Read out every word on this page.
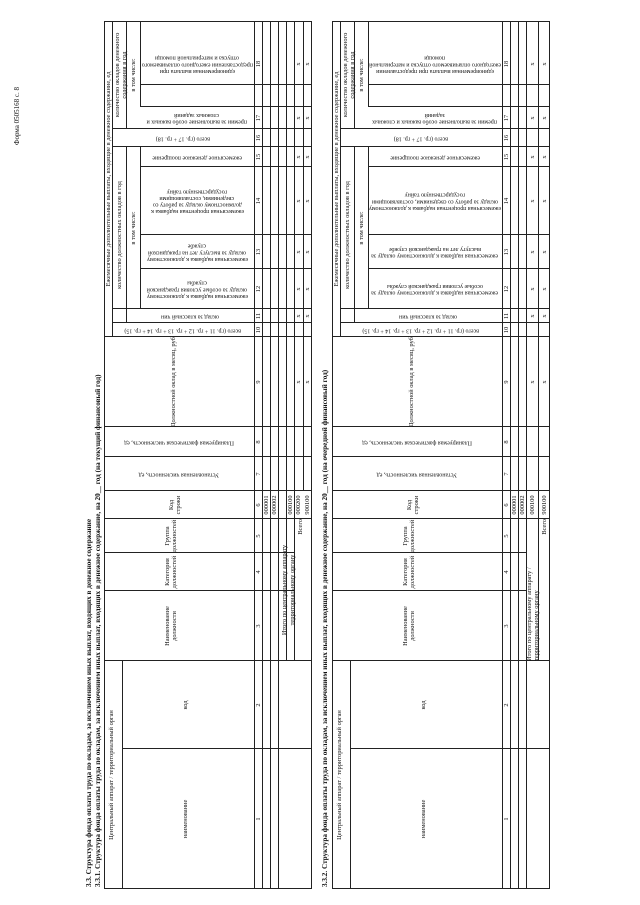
Форма 0505168 с. 8
3.3. Структура фонда оплаты труда по окладам, за исключением иных выплат, входящих в денежное содержание 3.3.1. Структура фонда оплаты труда по окладам, за исключением иных выплат, входящих в денежное содержание, на 20__ год (на текущий финансовый год) Центральный аппарат / территориальный орган	наименование
код
Наименование должности
Категория должностей
Группа должностей
Код строки
Установленная численность, ед
Планируемая фактическая численность, ед
Должностной оклад в месяц, руб
Ежемесячные дополнительные выплаты, входящие в денежное содержание, ед
всего (гр. 11 + гр. 12 + гр. 13 + гр. 14 + гр. 15)
оклад за классный чин
количество должностных окладов в год в том числе:
ежемесячная надбавка к должностному окладу за особые условия гражданской службы
ежемесячная надбавка к должностному окладу за выслугу лет на гражданской службе
ежемесячная процентная надбавка к должностному окладу за работу со сведениями, составляющими государственную тайну
ежемесячное денежное поощрение
всего (гр. 17 + гр. 18)
количество окладов денежного содержания в год в том числе:
премии за выполнение особо важных и сложных заданий
единовременная выплата при предоставлении ежегодного оплачиваемого отпуска и материальной помощи
1
2
3
4
5
6
7
8
9
10
11
12
13
14
15
16
17
18
000001 000002
Итого по центральному аппарату территориальному органу
Всего
000100 000200 900100
х х
х х
х х
х х
х х
х х
х х
х х
3.3.2. Структура фонда оплаты труда по окладам, за исключением иных выплат, входящих в денежное содержание, на 20__ год (на очередной финансовый год) Центральный аппарат / территориальный орган	наименование
код
Наименование должности
Категория должностей
Группа должностей
Код строки
Установленная численность, ед
Планируемая фактическая численность, ед
Должностной оклад в месяц, руб
Ежемесячные дополнительные выплаты, входящие в денежное содержание, ед
всего (гр. 11 + гр. 12 + гр. 13 + гр. 14 + гр. 15)
оклад за классный чин
количество должностных окладов в год в том числе:
ежемесячная надбавка к должностному окладу за особые условия гражданской службы
ежемесячная надбавка к должностному окладу за выслугу лет на гражданской службе
ежемесячная процентная надбавка к должностному окладу за работу со сведениями, составляющими государственную тайну
ежемесячное денежное поощрение
всего (гр. 17 + гр. 18)
количество окладов денежного содержания в год в том числе:
премии за выполнение особо важных и сложных заданий
единовременная выплата при предоставлении ежегодного оплачиваемого отпуска и материальной помощи
1
2
3
4
5
6
7
8
9
10
11
12
13
14
15
16
17
18
000001 000002
Итого по центральному аппарату / территориальному органу
Всего
000100 900100
х х
х х
х х
х х
х х
х х
х х
х х
